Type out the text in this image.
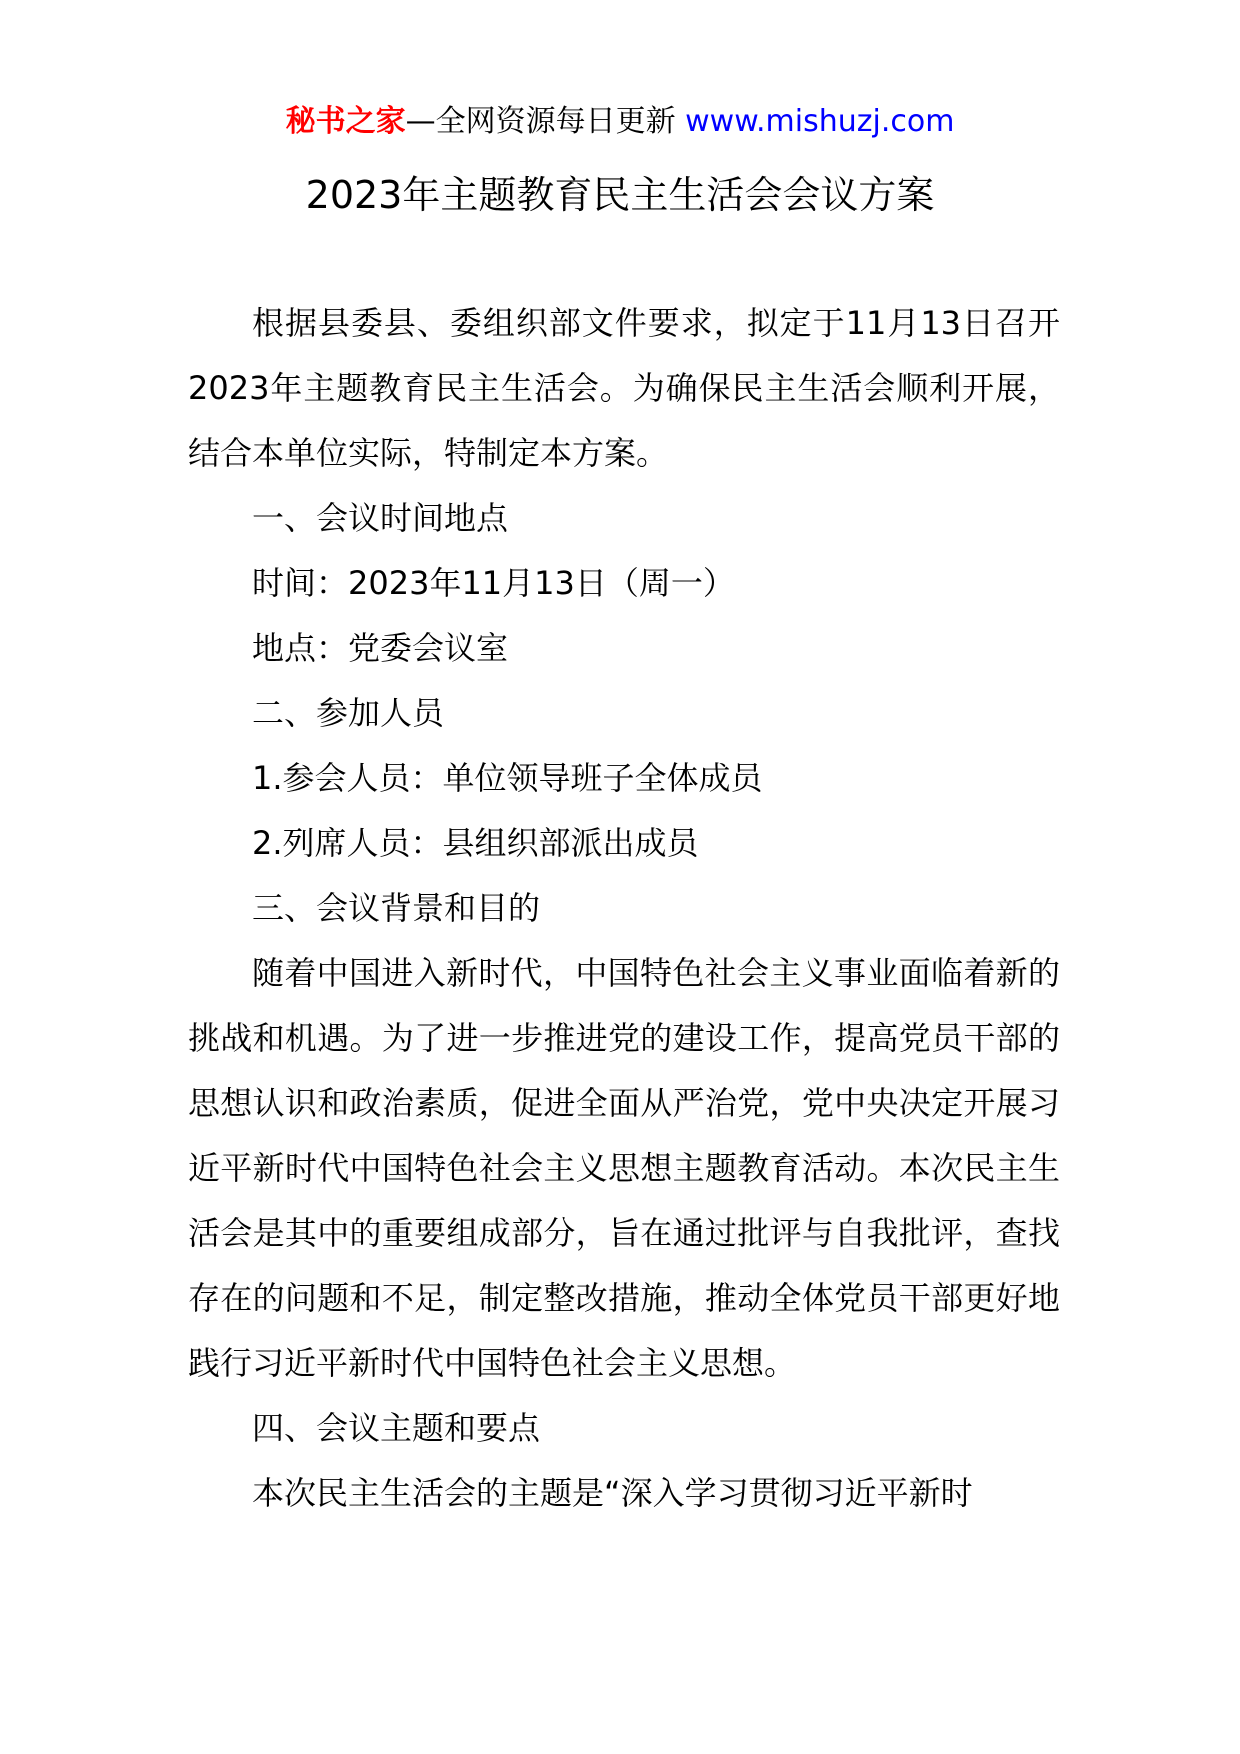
秘书之家—全网资源每日更新 www.mishuzj.com
2023年主题教育民主生活会会议方案

根据县委县、委组织部文件要求，拟定于11月13日召开2023年主题教育民主生活会。为确保民主生活会顺利开展，结合本单位实际，特制定本方案。

一、会议时间地点

时间：2023年11月13日（周一）

地点：党委会议室

二、参加人员

1.参会人员：单位领导班子全体成员

2.列席人员：县组织部派出成员

三、会议背景和目的

随着中国进入新时代，中国特色社会主义事业面临着新的挑战和机遇。为了进一步推进党的建设工作，提高党员干部的思想认识和政治素质，促进全面从严治党，党中央决定开展习近平新时代中国特色社会主义思想主题教育活动。本次民主生活会是其中的重要组成部分，旨在通过批评与自我批评，查找存在的问题和不足，制定整改措施，推动全体党员干部更好地践行习近平新时代中国特色社会主义思想。

四、会议主题和要点

本次民主生活会的主题是“深入学习贯彻习近平新时
